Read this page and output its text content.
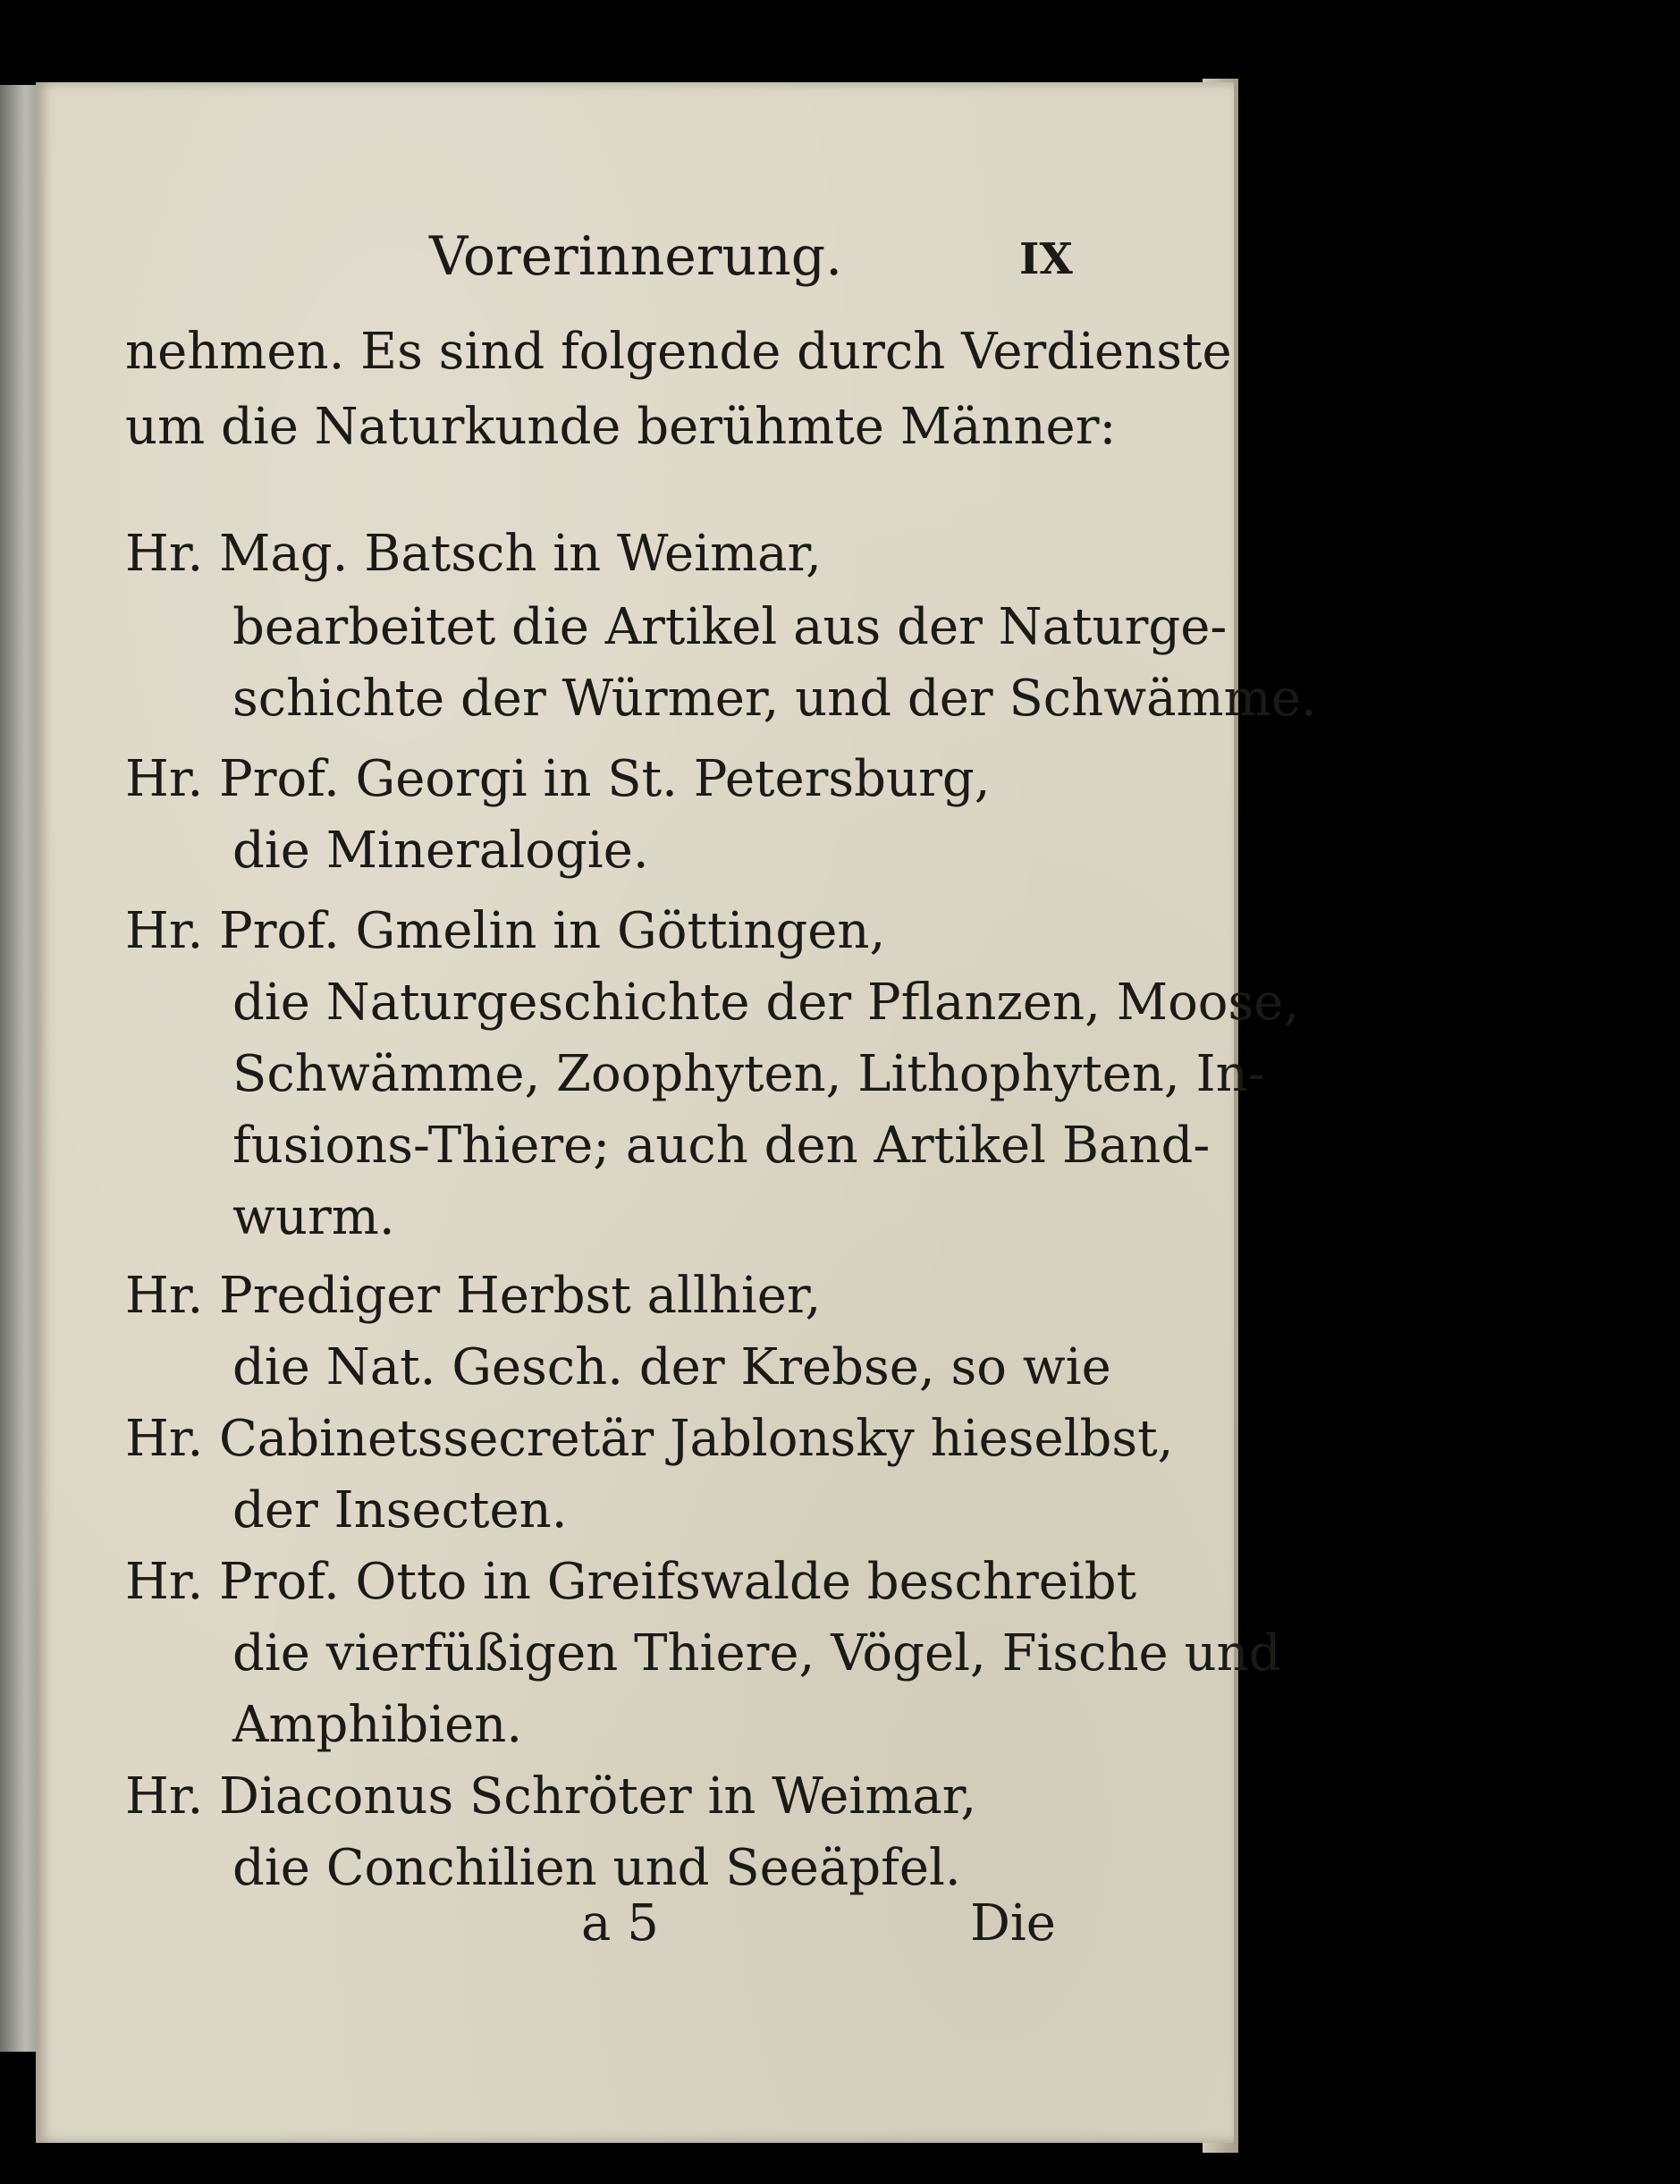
Vorerinnerung.	IX
nehmen. Es sind folgende durch Verdienste
um die Naturkunde berühmte Männer:
Hr. Mag. Batsch in Weimar,
bearbeitet die Artikel aus der Naturge-
schichte der Würmer, und der Schwämme.
Hr. Prof. Georgi in St. Petersburg,
die Mineralogie.
Hr. Prof. Gmelin in Göttingen,
die Naturgeschichte der Pflanzen, Moose,
Schwämme, Zoophyten, Lithophyten, In-
fusions-Thiere; auch den Artikel Band-
wurm.
Hr. Prediger Herbst allhier,
die Nat. Gesch. der Krebse, so wie
Hr. Cabinetssecretär Jablonsky hieselbst,
der Insecten.
Hr. Prof. Otto in Greifswalde beschreibt
die vierfüßigen Thiere, Vögel, Fische und
Amphibien.
Hr. Diaconus Schröter in Weimar,
die Conchilien und Seeäpfel.
a 5	Die
